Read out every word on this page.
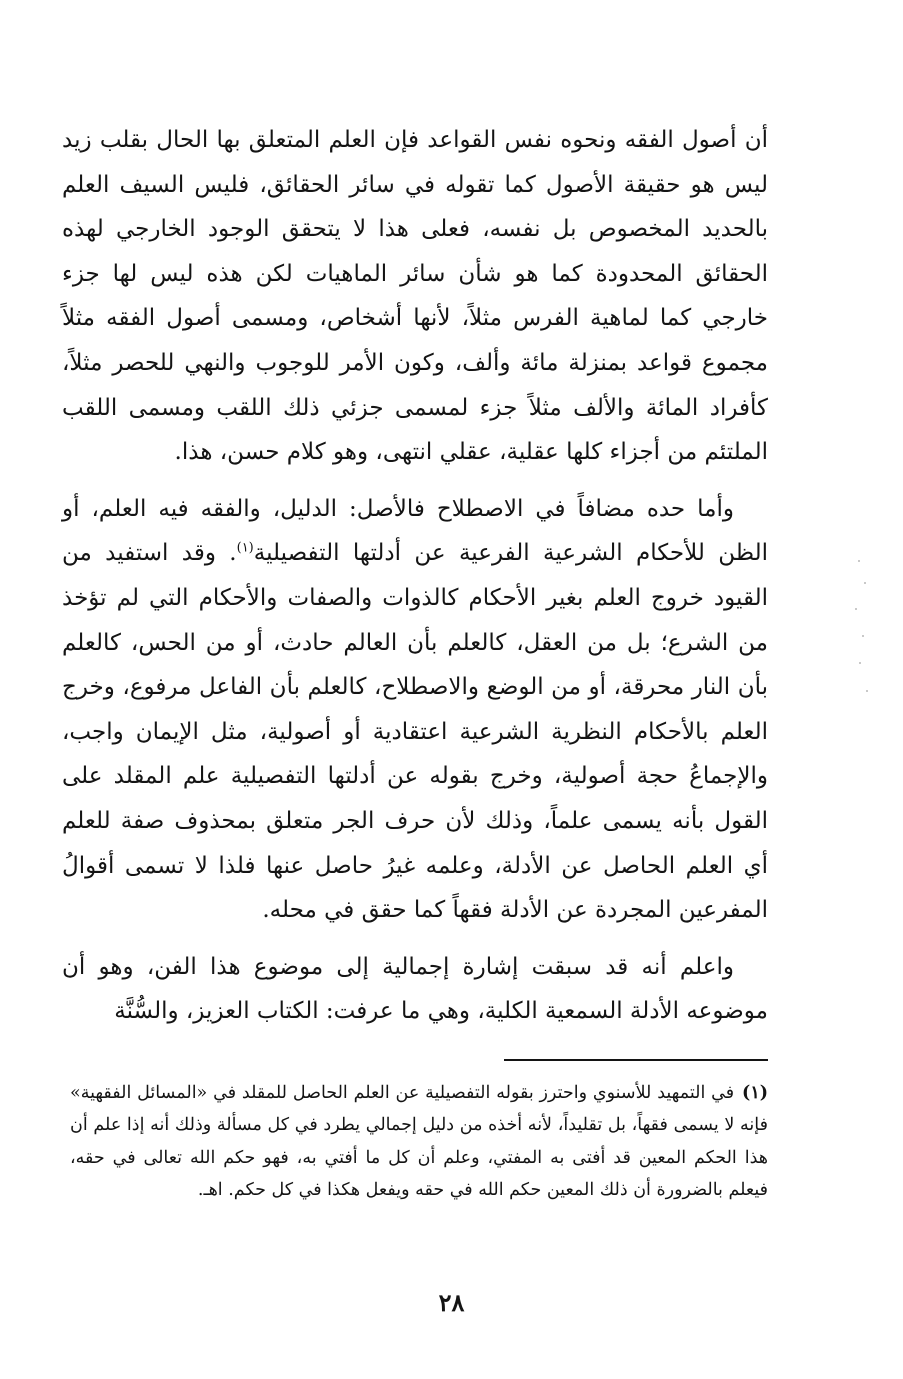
أن أصول الفقه ونحوه نفس القواعد فإن العلم المتعلق بها الحال بقلب زيد ليس هو حقيقة الأصول كما تقوله في سائر الحقائق، فليس السيف العلم بالحديد المخصوص بل نفسه، فعلى هذا لا يتحقق الوجود الخارجي لهذه الحقائق المحدودة كما هو شأن سائر الماهيات لكن هذه ليس لها جزء خارجي كما لماهية الفرس مثلاً، لأنها أشخاص، ومسمى أصول الفقه مثلاً مجموع قواعد بمنزلة مائة وألف، وكون الأمر للوجوب والنهي للحصر مثلاً، كأفراد المائة والألف مثلاً جزء لمسمى جزئي ذلك اللقب ومسمى اللقب الملتئم من أجزاء كلها عقلية، عقلي انتهى، وهو كلام حسن، هذا.

وأما حده مضافاً في الاصطلاح فالأصل: الدليل، والفقه فيه العلم، أو الظن للأحكام الشرعية الفرعية عن أدلتها التفصيلية$^{(١)}$. وقد استفيد من القيود خروج العلم بغير الأحكام كالذوات والصفات والأحكام التي لم تؤخذ من الشرع؛ بل من العقل، كالعلم بأن العالم حادث، أو من الحس، كالعلم بأن النار محرقة، أو من الوضع والاصطلاح، كالعلم بأن الفاعل مرفوع، وخرج العلم بالأحكام النظرية الشرعية اعتقادية أو أصولية، مثل الإيمان واجب، والإجماعُ حجة أصولية، وخرج بقوله عن أدلتها التفصيلية علم المقلد على القول بأنه يسمى علماً، وذلك لأن حرف الجر متعلق بمحذوف صفة للعلم أي العلم الحاصل عن الأدلة، وعلمه غيرُ حاصل عنها فلذا لا تسمى أقوالُ المفرعين المجردة عن الأدلة فقهاً كما حقق في محله.

واعلم أنه قد سبقت إشارة إجمالية إلى موضوع هذا الفن، وهو أن موضوعه الأدلة السمعية الكلية، وهي ما عرفت: الكتاب العزيز، والسُّنَّة

(١) في التمهيد للأسنوي واحترز بقوله التفصيلية عن العلم الحاصل للمقلد في «المسائل الفقهية» فإنه لا يسمى فقهاً، بل تقليداً، لأنه أخذه من دليل إجمالي يطرد في كل مسألة وذلك أنه إذا علم أن هذا الحكم المعين قد أفتى به المفتي، وعلم أن كل ما أفتي به، فهو حكم الله تعالى في حقه، فيعلم بالضرورة أن ذلك المعين حكم الله في حقه ويفعل هكذا في كل حكم. اهـ.
٢٨
